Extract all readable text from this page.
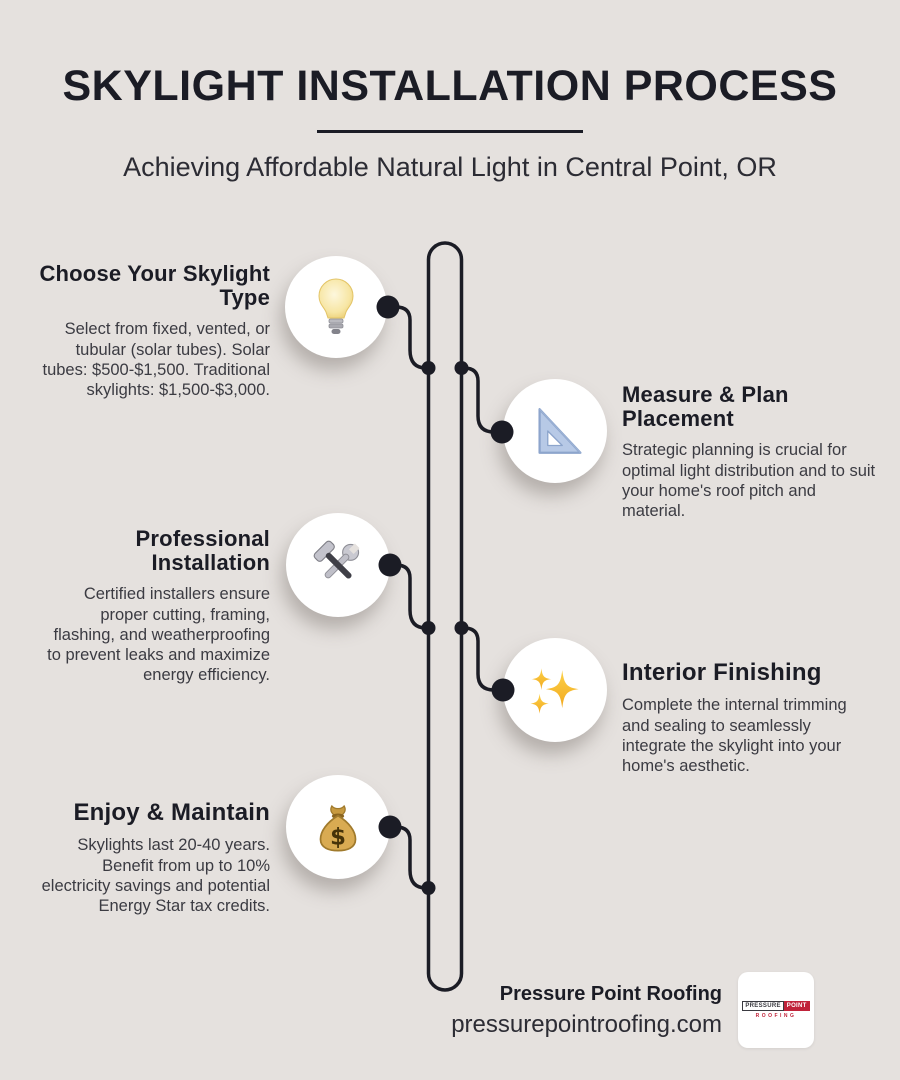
SKYLIGHT INSTALLATION PROCESS
Achieving Affordable Natural Light in Central Point, OR
Choose Your Skylight Type

Select from fixed, vented, or tubular (solar tubes). Solar tubes: $500-$1,500. Traditional skylights: $1,500-$3,000.	Measure & Plan Placement

Strategic planning is crucial for optimal light distribution and to suit your home's roof pitch and material.

Professional Installation

Certified installers ensure proper cutting, framing, flashing, and weatherproofing to prevent leaks and maximize energy efficiency.	Interior Finishing

Complete the internal trimming and sealing to seamlessly integrate the skylight into your home's aesthetic.

Enjoy & Maintain

Skylights last 20-40 years. Benefit from up to 10% electricity savings and potential Energy Star tax credits.

$
Pressure Point Roofing
pressurepointroofing.com
PRESSURE	POINT
ROOFING
